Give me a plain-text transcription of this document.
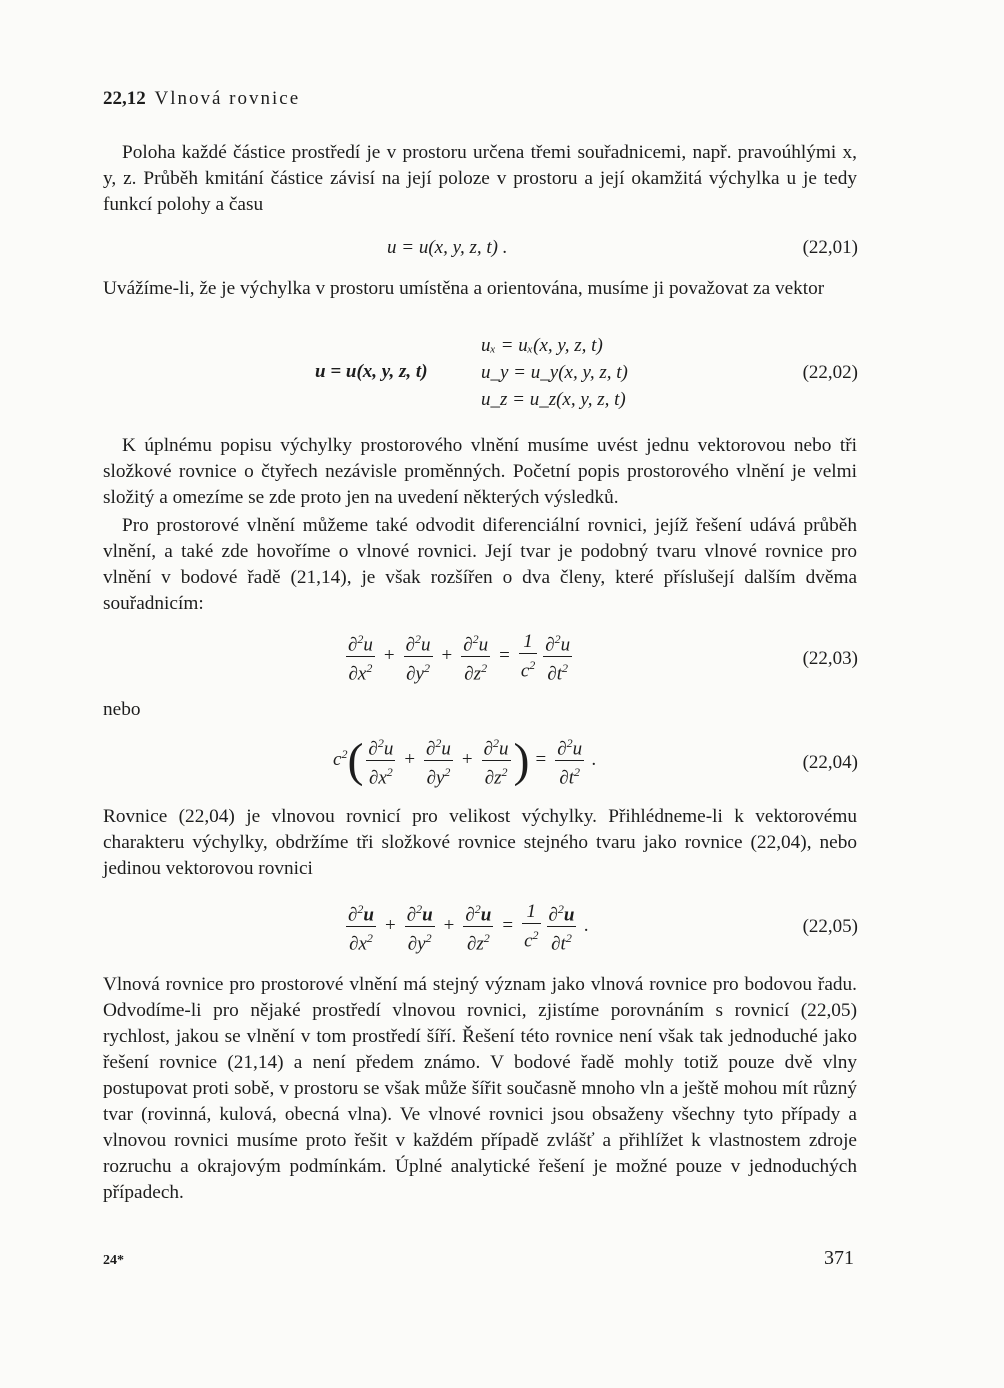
22,12 Vlnová rovnice

Poloha každé částice prostředí je v prostoru určena třemi souřadnicemi, např. pravoúhlými x, y, z. Průběh kmitání částice závisí na její poloze v prostoru a její okamžitá výchylka u je tedy funkcí polohy a času

u = u(x, y, z, t) .	(22,01)

Uvážíme-li, že je výchylka v prostoru umístěna a orientována, musíme ji považovat za vektor

u = u(x, y, z, t)
uₓ = uₓ(x, y, z, t)
u_y = u_y(x, y, z, t)
u_z = u_z(x, y, z, t)
(22,02)

K úplnému popisu výchylky prostorového vlnění musíme uvést jednu vektorovou nebo tři složkové rovnice o čtyřech nezávisle proměnných. Početní popis prostorového vlnění je velmi složitý a omezíme se zde proto jen na uvedení některých výsledků.

Pro prostorové vlnění můžeme také odvodit diferenciální rovnici, jejíž řešení udává průběh vlnění, a také zde hovoříme o vlnové rovnici. Její tvar je podobný tvaru vlnové rovnice pro vlnění v bodové řadě (21,14), je však rozšířen o dva členy, které příslušejí dalším dvěma souřadnicím:

$\frac{\partial^2u}{\partial x^2} + \frac{\partial^2u}{\partial y^2} + \frac{\partial^2u}{\partial z^2} = \frac{1}{c^2} \frac{\partial^2u}{\partial t^2}$	(22,03)

nebo

$c^2( \frac{\partial^2u}{\partial x^2} + \frac{\partial^2u}{\partial y^2} + \frac{\partial^2u}{\partial z^2}$ ) = $\frac{\partial^2u}{\partial t^2}$ .	(22,04)

Rovnice (22,04) je vlnovou rovnicí pro velikost výchylky. Přihlédneme-li k vektorovému charakteru výchylky, obdržíme tři složkové rovnice stejného tvaru jako rovnice (22,04), nebo jedinou vektorovou rovnici

$\frac{\partial^2u}{\partial x^2} + \frac{\partial^2u}{\partial y^2} + \frac{\partial^2u}{\partial z^2} = \frac{1}{c^2} \frac{\partial^2u}{\partial t^2}$ .	(22,05)

Vlnová rovnice pro prostorové vlnění má stejný význam jako vlnová rovnice pro bodovou řadu. Odvodíme-li pro nějaké prostředí vlnovou rovnici, zjistíme porovnáním s rovnicí (22,05) rychlost, jakou se vlnění v tom prostředí šíří. Řešení této rovnice není však tak jednoduché jako řešení rovnice (21,14) a není předem známo. V bodové řadě mohly totiž pouze dvě vlny postupovat proti sobě, v prostoru se však může šířit současně mnoho vln a ještě mohou mít různý tvar (rovinná, kulová, obecná vlna). Ve vlnové rovnici jsou obsaženy všechny tyto případy a vlnovou rovnici musíme proto řešit v každém případě zvlášť a přihlížet k vlastnostem zdroje rozruchu a okrajovým podmínkám. Úplné analytické řešení je možné pouze v jednoduchých případech.

24*	371
